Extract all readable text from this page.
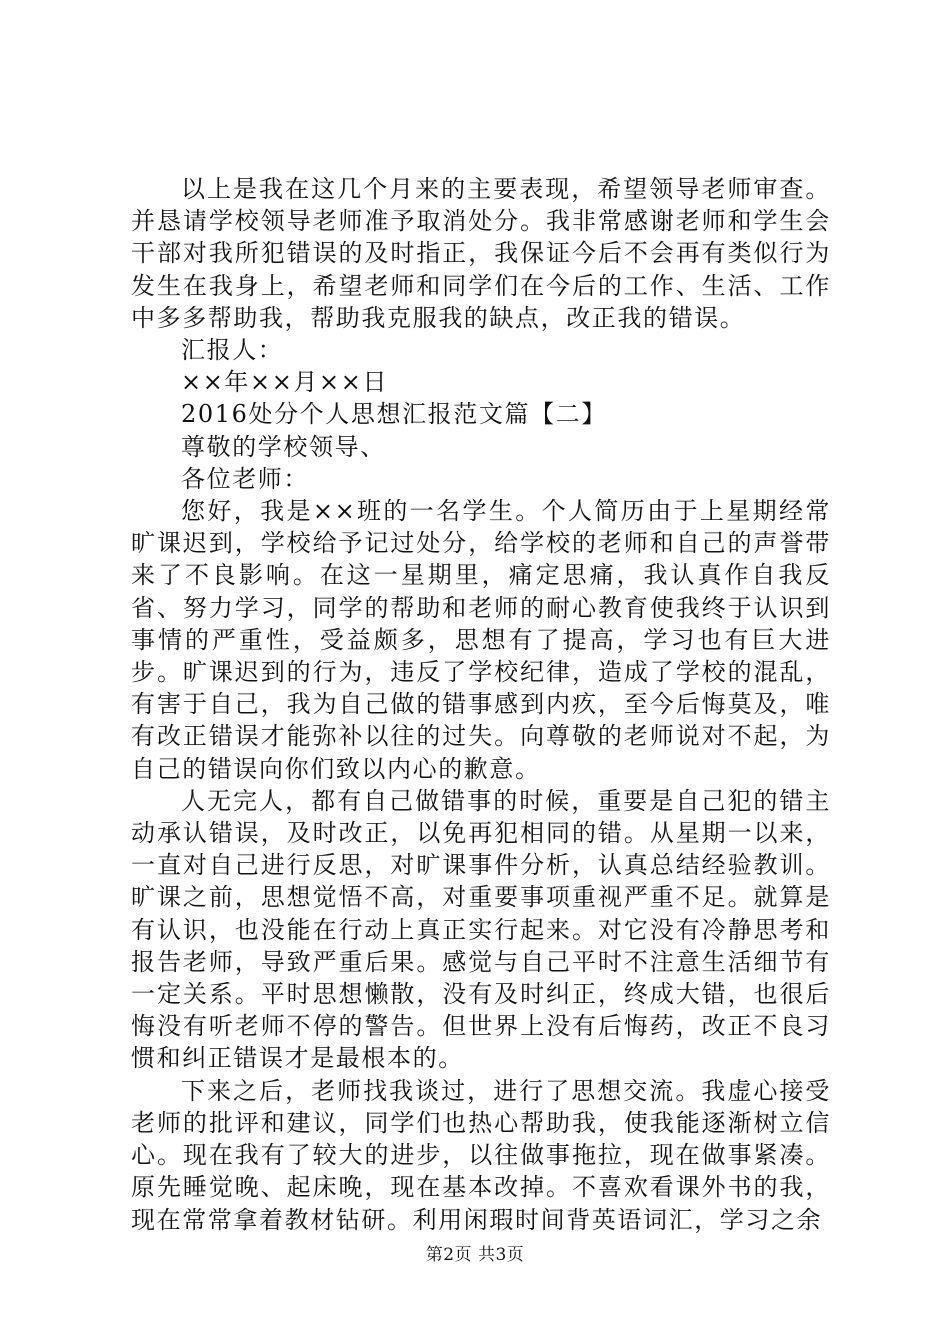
以上是我在这几个月来的主要表现，希望领导老师审查。并恳请学校领导老师准予取消处分。我非常感谢老师和学生会干部对我所犯错误的及时指正，我保证今后不会再有类似行为发生在我身上，希望老师和同学们在今后的工作、生活、工作中多多帮助我，帮助我克服我的缺点，改正我的错误。

汇报人：

××年××月××日

2016处分个人思想汇报范文篇【二】

尊敬的学校领导、

各位老师：

您好，我是××班的一名学生。个人简历由于上星期经常旷课迟到，学校给予记过处分，给学校的老师和自己的声誉带来了不良影响。在这一星期里，痛定思痛，我认真作自我反省、努力学习，同学的帮助和老师的耐心教育使我终于认识到事情的严重性，受益颇多，思想有了提高，学习也有巨大进步。旷课迟到的行为，违反了学校纪律，造成了学校的混乱，有害于自己，我为自己做的错事感到内疚，至今后悔莫及，唯有改正错误才能弥补以往的过失。向尊敬的老师说对不起，为自己的错误向你们致以内心的歉意。

人无完人，都有自己做错事的时候，重要是自己犯的错主动承认错误，及时改正，以免再犯相同的错。从星期一以来，一直对自己进行反思，对旷课事件分析，认真总结经验教训。旷课之前，思想觉悟不高，对重要事项重视严重不足。就算是有认识，也没能在行动上真正实行起来。对它没有冷静思考和报告老师，导致严重后果。感觉与自己平时不注意生活细节有一定关系。平时思想懒散，没有及时纠正，终成大错，也很后悔没有听老师不停的警告。但世界上没有后悔药，改正不良习惯和纠正错误才是最根本的。

下来之后，老师找我谈过，进行了思想交流。我虚心接受老师的批评和建议，同学们也热心帮助我，使我能逐渐树立信心。现在我有了较大的进步，以往做事拖拉，现在做事紧凑。原先睡觉晚、起床晚，现在基本改掉。不喜欢看课外书的我，现在常常拿着教材钻研。利用闲瑕时间背英语词汇，学习之余

第2页 共3页
